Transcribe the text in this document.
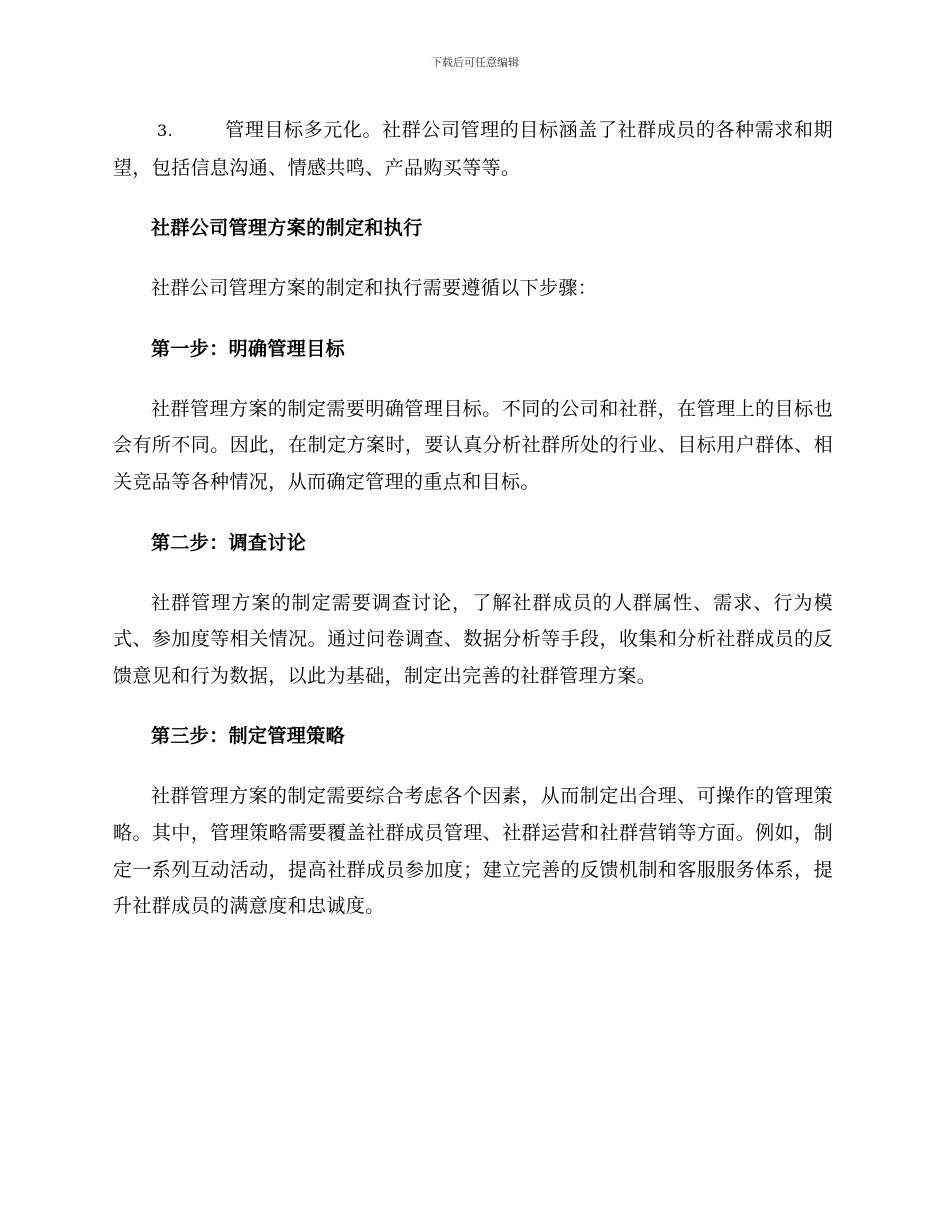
下载后可任意编辑

3.	管理目标多元化。社群公司管理的目标涵盖了社群成员的各种需求和期望，包括信息沟通、情感共鸣、产品购买等等。

社群公司管理方案的制定和执行

社群公司管理方案的制定和执行需要遵循以下步骤：

第一步：明确管理目标

社群管理方案的制定需要明确管理目标。不同的公司和社群，在管理上的目标也会有所不同。因此，在制定方案时，要认真分析社群所处的行业、目标用户群体、相关竞品等各种情况，从而确定管理的重点和目标。

第二步：调查讨论

社群管理方案的制定需要调查讨论，了解社群成员的人群属性、需求、行为模式、参加度等相关情况。通过问卷调查、数据分析等手段，收集和分析社群成员的反馈意见和行为数据，以此为基础，制定出完善的社群管理方案。

第三步：制定管理策略

社群管理方案的制定需要综合考虑各个因素，从而制定出合理、可操作的管理策略。其中，管理策略需要覆盖社群成员管理、社群运营和社群营销等方面。例如，制定一系列互动活动，提高社群成员参加度；建立完善的反馈机制和客服服务体系，提升社群成员的满意度和忠诚度。
